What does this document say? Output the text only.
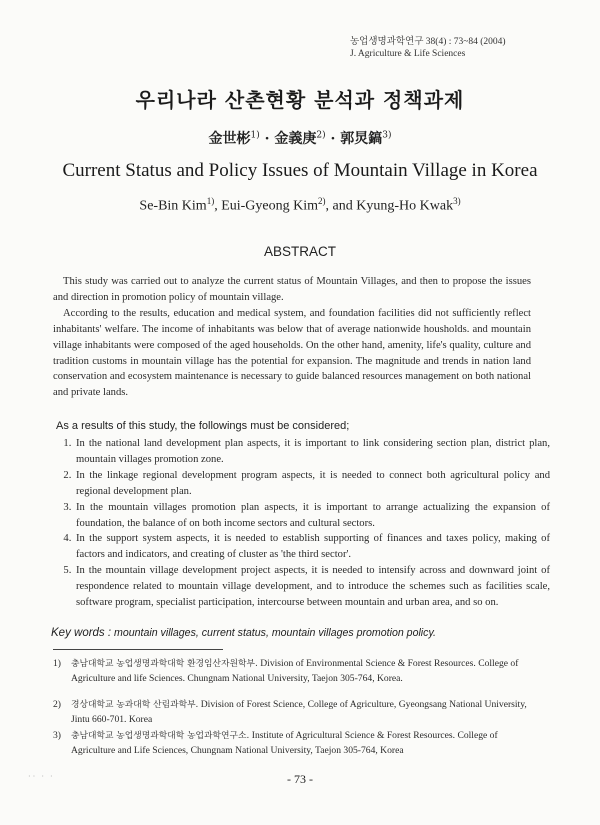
농업생명과학연구 38(4) : 73~84 (2004)
J. Agriculture & Life Sciences
우리나라 산촌현황 분석과 정책과제
金世彬$^{1)}$ · 金義庚$^{2)}$ · 郭炅鎬$^{3)}$
Current Status and Policy Issues of Mountain Village in Korea
Se-Bin Kim$^{1)}$, Eui-Gyeong Kim$^{2)}$, and Kyung-Ho Kwak$^{3)}$
ABSTRACT

This study was carried out to analyze the current status of Mountain Villages, and then to propose the issues and direction in promotion policy of mountain village.

According to the results, education and medical system, and foundation facilities did not sufficiently reflect inhabitants' welfare. The income of inhabitants was below that of average nationwide housholds. and mountain village inhabitants were composed of the aged households. On the other hand, amenity, life's quality, culture and tradition customs in mountain village has the potential for expansion. The magnitude and trends in nation land conservation and ecosystem maintenance is necessary to guide balanced resources management on both national and private lands.

As a results of this study, the followings must be considered;
1. In the national land development plan aspects, it is important to link considering section plan, district plan, mountain villages promotion zone.
2. In the linkage regional development program aspects, it is needed to connect both agricultural policy and regional development plan.
3. In the mountain villages promotion plan aspects, it is important to arrange actualizing the expansion of foundation, the balance of on both income sectors and cultural sectors.
4. In the support system aspects, it is needed to establish supporting of finances and taxes policy, making of factors and indicators, and creating of cluster as 'the third sector'.
5. In the mountain village development project aspects, it is needed to intensify across and downward joint of respondence related to mountain village development, and to introduce the schemes such as facilities scale, software program, specialist participation, intercourse between mountain and urban area, and so on.
Key words : mountain villages, current status, mountain villages promotion policy.
1) 충남대학교 농업생명과학대학 환경임산자원학부. Division of Environmental Science & Forest Resources. College of Agriculture and life Sciences. Chungnam National University, Taejon 305-764, Korea.
2) 경상대학교 농과대학 산림과학부. Division of Forest Science, College of Agriculture, Gyeongsang National University, Jintu 660-701. Korea
3) 충남대학교 농업생명과학대학 농업과학연구소. Institute of Agricultural Science & Forest Resources. College of Agriculture and Life Sciences, Chungnam National University, Taejon 305-764, Korea
·· · ·	- 73 -
